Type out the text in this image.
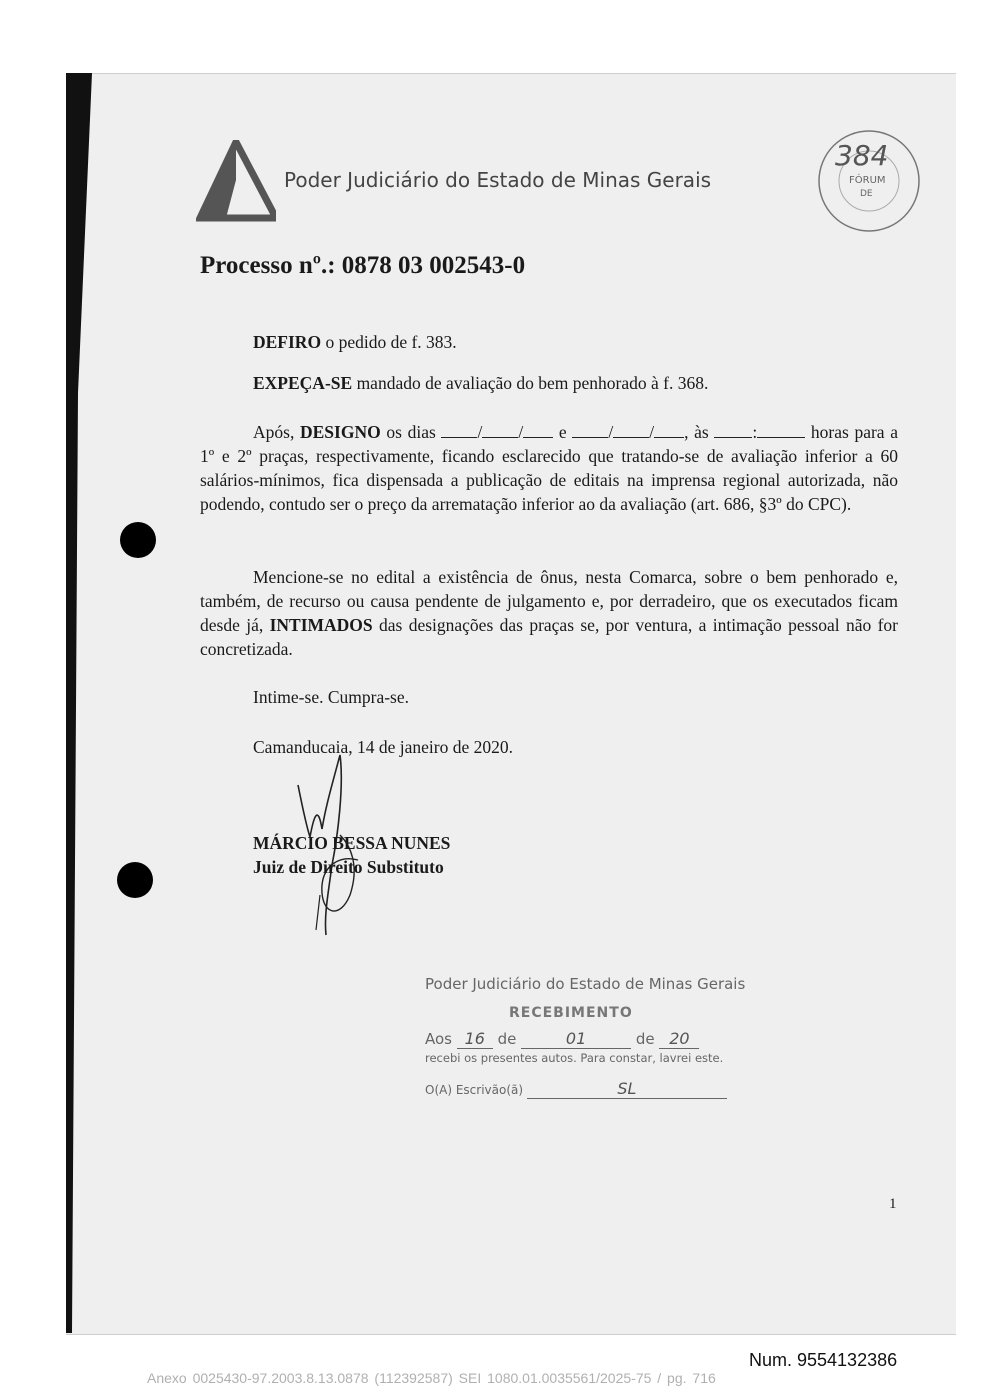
Poder Judiciário do Estado de Minas Gerais
384
FÓRUM
DE
Processo nº.: 0878 03 002543-0
DEFIRO o pedido de f. 383.
EXPEÇA-SE mandado de avaliação do bem penhorado à f. 368.
Após, DESIGNO os dias / / e / / , às :	horas para a 1º e 2º praças, respectivamente, ficando esclarecido que tratando-se de avaliação inferior a 60 salários-mínimos, fica dispensada a publicação de editais na imprensa regional autorizada, não podendo, contudo ser o preço da arrematação inferior ao da avaliação (art. 686, §3º do CPC).
Mencione-se no edital a existência de ônus, nesta Comarca, sobre o bem penhorado e, também, de recurso ou causa pendente de julgamento e, por derradeiro, que os executados ficam desde já, INTIMADOS das designações das praças se, por ventura, a intimação pessoal não for concretizada.
Intime-se. Cumpra-se.
Camanducaia, 14 de janeiro de 2020.
MÁRCIO BESSA NUNES
Juiz de Direito Substituto
Poder Judiciário do Estado de Minas Gerais
RECEBIMENTO
Aos 16 de	01	de 20
recebi os presentes autos. Para constar, lavrei este.
O(A) Escrivão(ã)	SL
1
Num. 9554132386
Anexo 0025430-97.2003.8.13.0878 (112392587) SEI 1080.01.0035561/2025-75 / pg. 716
